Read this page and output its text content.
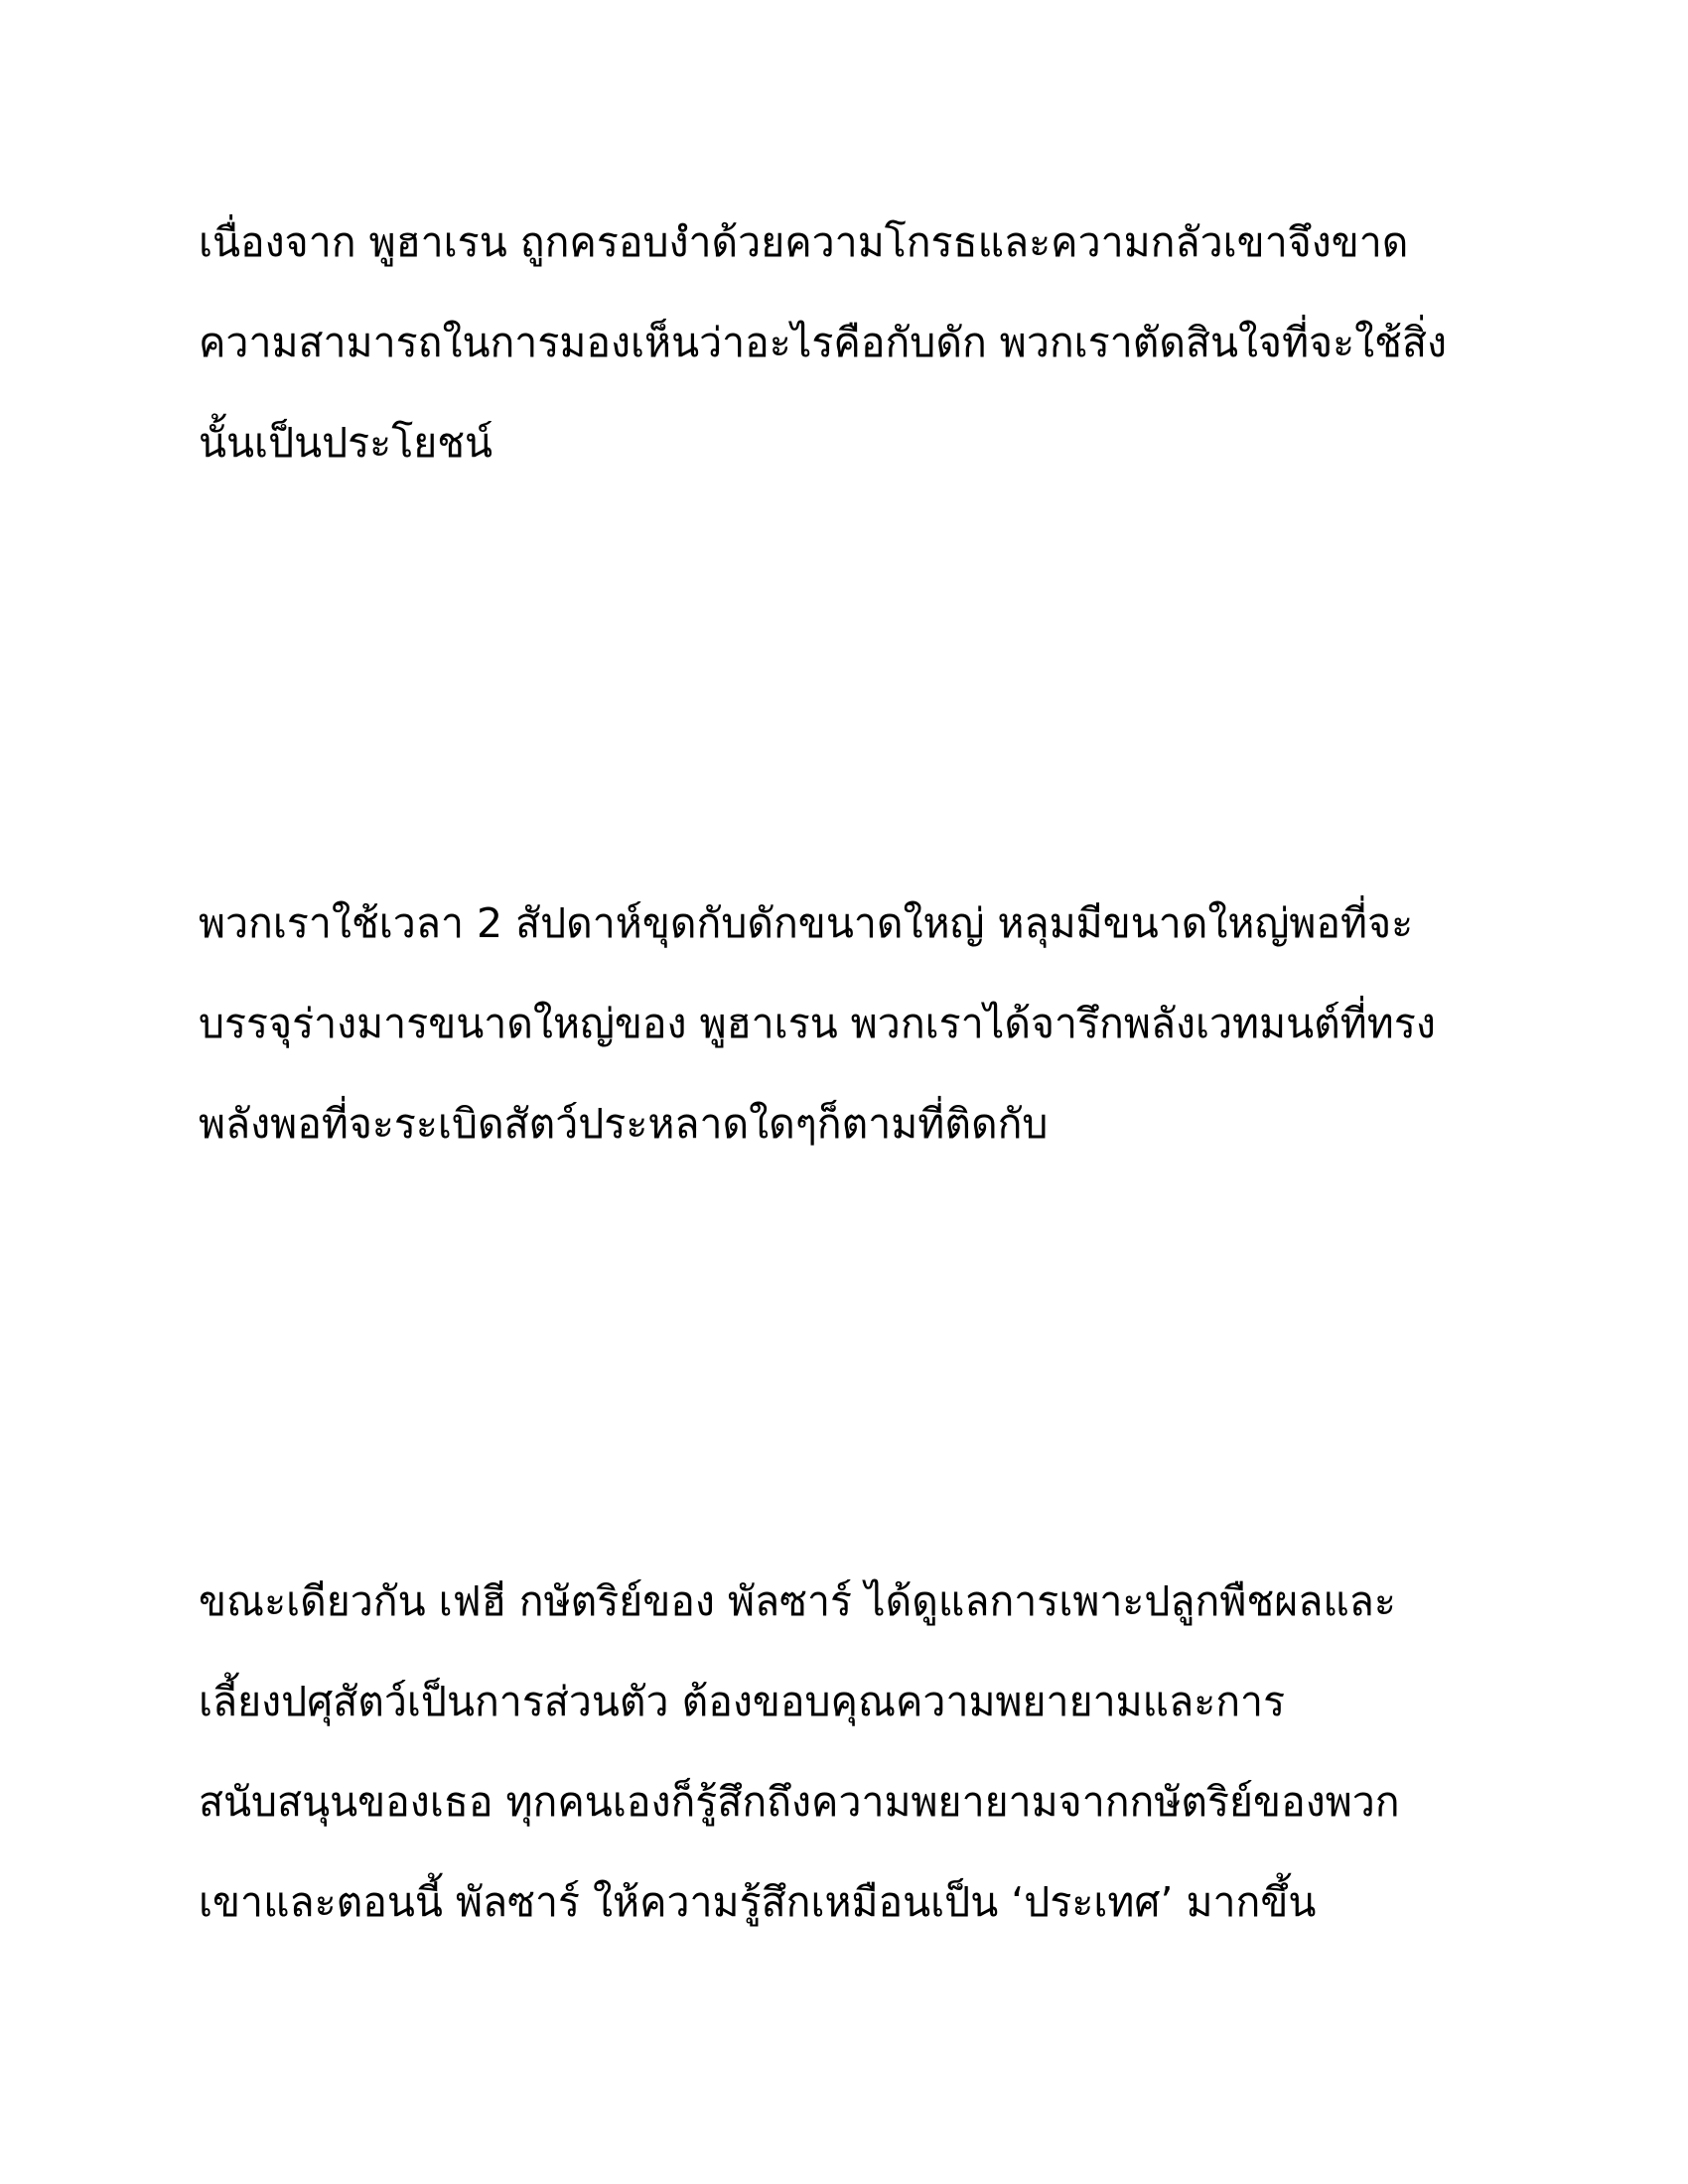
เนื่องจาก พูฮาเรน ถูกครอบงำด้วยความโกรธและความกลัวเขาจึงขาด
ความสามารถในการมองเห็นว่าอะไรคือกับดัก พวกเราตัดสินใจที่จะใช้สิ่ง
นั้นเป็นประโยชน์
พวกเราใช้เวลา 2 สัปดาห์ขุดกับดักขนาดใหญ่ หลุมมีขนาดใหญ่พอที่จะ
บรรจุร่างมารขนาดใหญ่ของ พูฮาเรน พวกเราได้จารึกพลังเวทมนต์ที่ทรง
พลังพอที่จะระเบิดสัตว์ประหลาดใดๆก็ตามที่ติดกับ
ขณะเดียวกัน เฟฮี กษัตริย์ของ พัลซาร์ ได้ดูแลการเพาะปลูกพืชผลและ
เลี้ยงปศุสัตว์เป็นการส่วนตัว ต้องขอบคุณความพยายามและการ
สนับสนุนของเธอ ทุกคนเองก็รู้สึกถึงความพยายามจากกษัตริย์ของพวก
เขาและตอนนี้ พัลซาร์ ให้ความรู้สึกเหมือนเป็น ‘ประเทศ’ มากขึ้น
